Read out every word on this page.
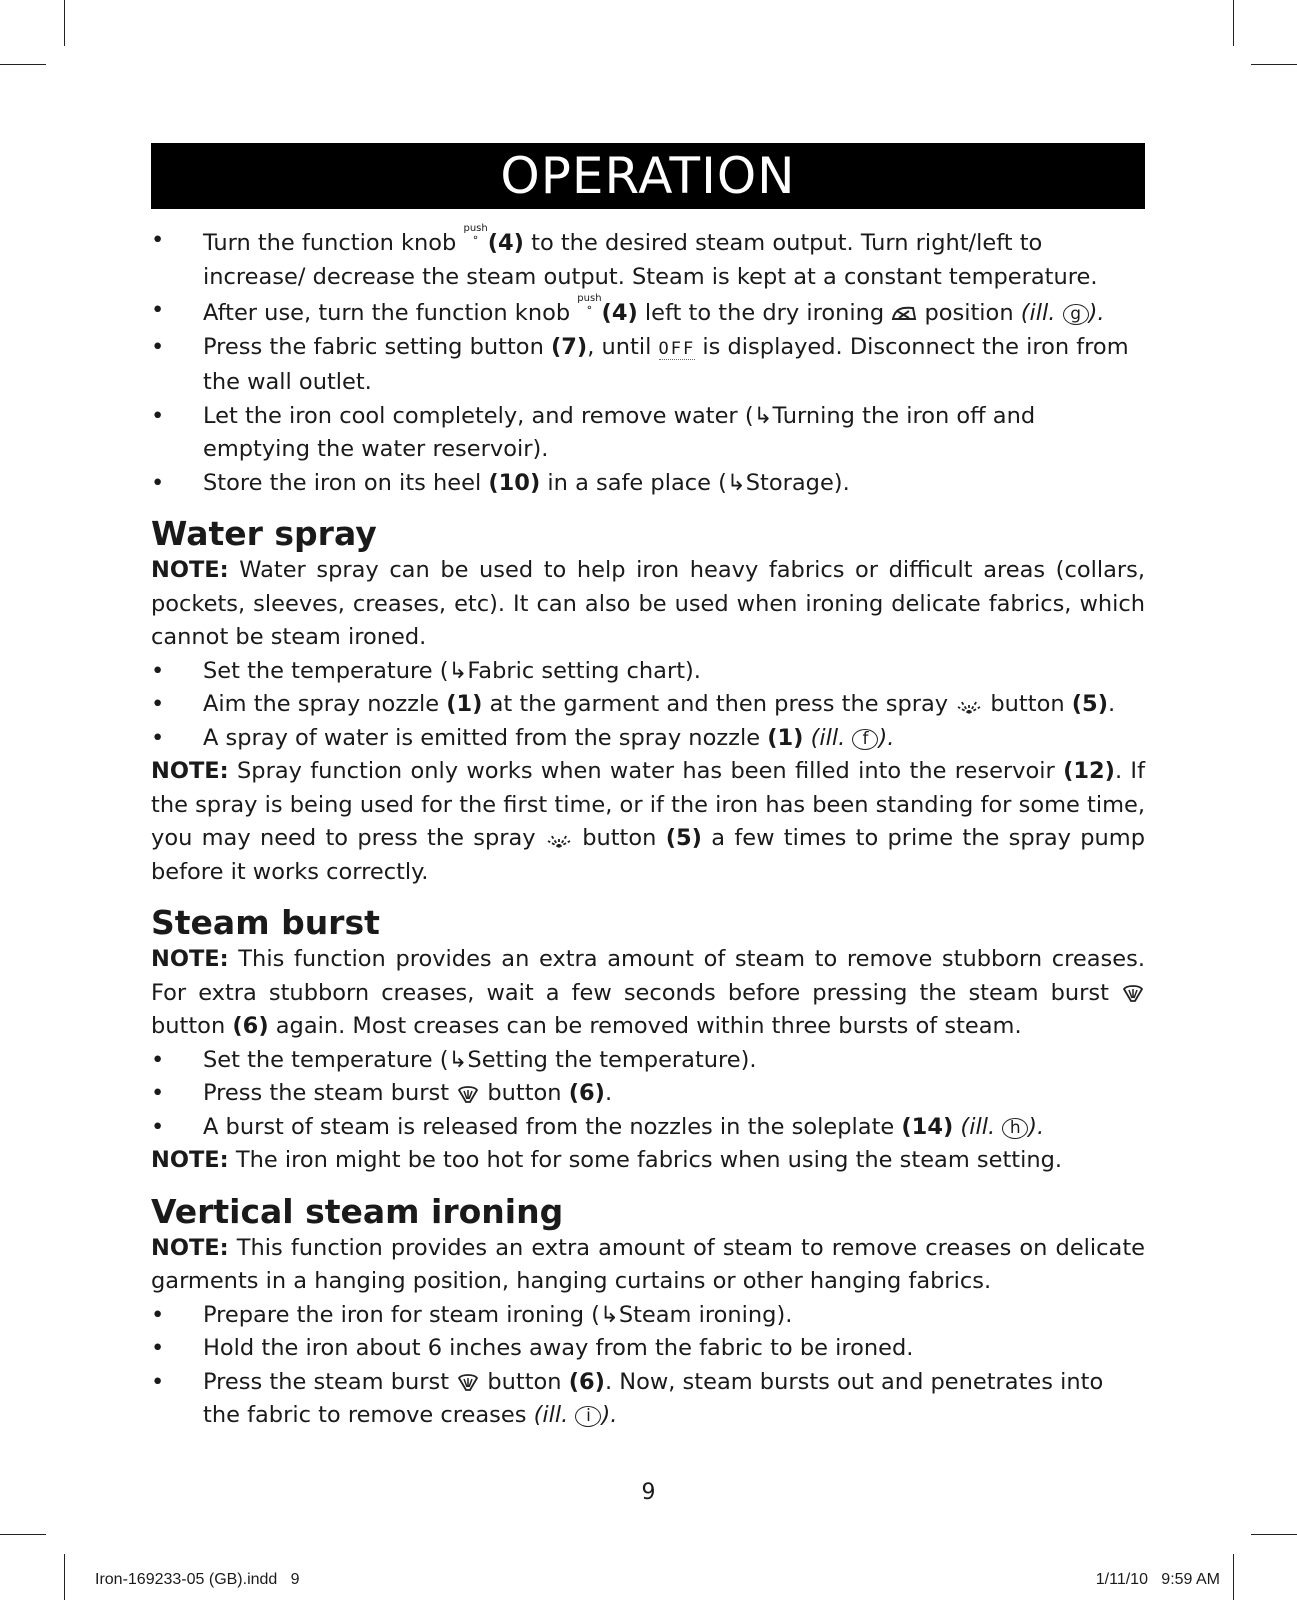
OPERATION
• Turn the function knob push
⚬ (4) to the desired steam output. Turn right/left to increase/ decrease the steam output. Steam is kept at a constant temperature.
• After use, turn the function knob push
⚬ (4) left to the dry ironing  position (ill. g ).
• Press the fabric setting button (7), until OFF is displayed. Disconnect the iron from the wall outlet.
• Let the iron cool completely, and remove water (↳Turning the iron off and emptying the water reservoir).
• Store the iron on its heel (10) in a safe place (↳Storage).
Water spray
NOTE: Water spray can be used to help iron heavy fabrics or difficult areas (collars, pockets, sleeves, creases, etc). It can also be used when ironing delicate fabrics, which cannot be steam ironed.
• Set the temperature (↳Fabric setting chart).
• Aim the spray nozzle (1) at the garment and then press the spray  button (5).
• A spray of water is emitted from the spray nozzle (1) (ill. f ).
NOTE: Spray function only works when water has been filled into the reservoir (12). If the spray is being used for the first time, or if the iron has been standing for some time, you may need to press the spray  button (5) a few times to prime the spray pump before it works correctly.
Steam burst
NOTE: This function provides an extra amount of steam to remove stubborn creases. For extra stubborn creases, wait a few seconds before pressing the steam burst  button (6) again. Most creases can be removed within three bursts of steam.
• Set the temperature (↳Setting the temperature).
• Press the steam burst  button (6).
• A burst of steam is released from the nozzles in the soleplate (14) (ill. h ).
NOTE: The iron might be too hot for some fabrics when using the steam setting.
Vertical steam ironing
NOTE: This function provides an extra amount of steam to remove creases on delicate garments in a hanging position, hanging curtains or other hanging fabrics.
• Prepare the iron for steam ironing (↳Steam ironing).
• Hold the iron about 6 inches away from the fabric to be ironed.
• Press the steam burst  button (6). Now, steam bursts out and penetrates into the fabric to remove creases (ill. i ).
9
Iron-169233-05 (GB).indd   9	1/11/10   9:59 AM
